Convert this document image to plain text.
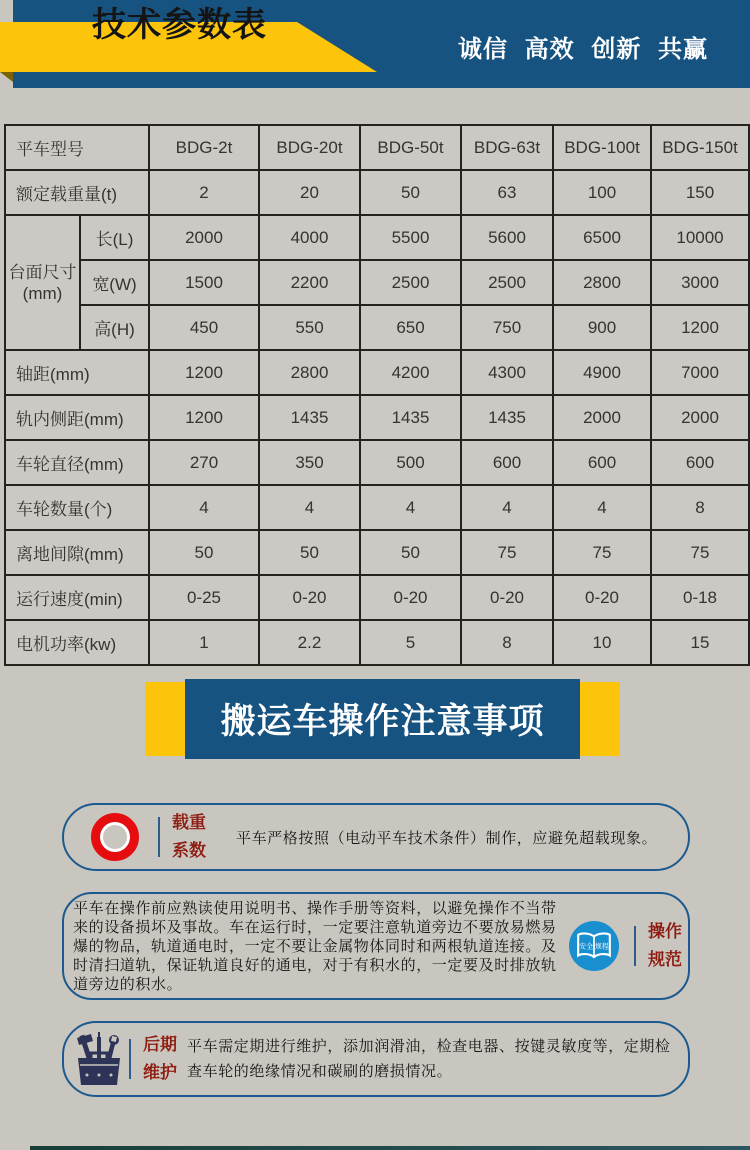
诚信 高效 创新 共赢
技术参数表
平车型号		BDG-2t	BDG-20t	BDG-50t	BDG-63t	BDG-100t	BDG-150t
额定载重量(t)		2	20	50	63	100	150
台面尺寸
(mm)	长(L)	2000	4000	5500	5600	6500	10000
	宽(W)	1500	2200	2500	2500	2800	3000
	高(H)	450	550	650	750	900	1200
轴距(mm)		1200	2800	4200	4300	4900	7000
轨内侧距(mm)		1200	1435	1435	1435	2000	2000
车轮直径(mm)		270	350	500	600	600	600
车轮数量(个)		4	4	4	4	4	8
离地间隙(mm)		50	50	50	75	75	75
运行速度(min)		0-25	0-20	0-20	0-20	0-20	0-18
电机功率(kw)		1	2.2	5	8	10	15
搬运车操作注意事项
载重
系数
平车严格按照（电动平车技术条件）制作，应避免超载现象。
平车在操作前应熟读使用说明书、操作手册等资料，以避免操作不当带来的设备损坏及事故。车在运行时，一定要注意轨道旁边不要放易燃易爆的物品，轨道通电时，一定不要让金属物体同时和两根轨道连接。及时清扫道轨，保证轨道良好的通电，对于有积水的，一定要及时排放轨道旁边的积水。
安全 规程
操作
规范
后期
维护
平车需定期进行维护，添加润滑油，检查电器、按键灵敏度等，定期检查车轮的绝缘情况和碳刷的磨损情况。
